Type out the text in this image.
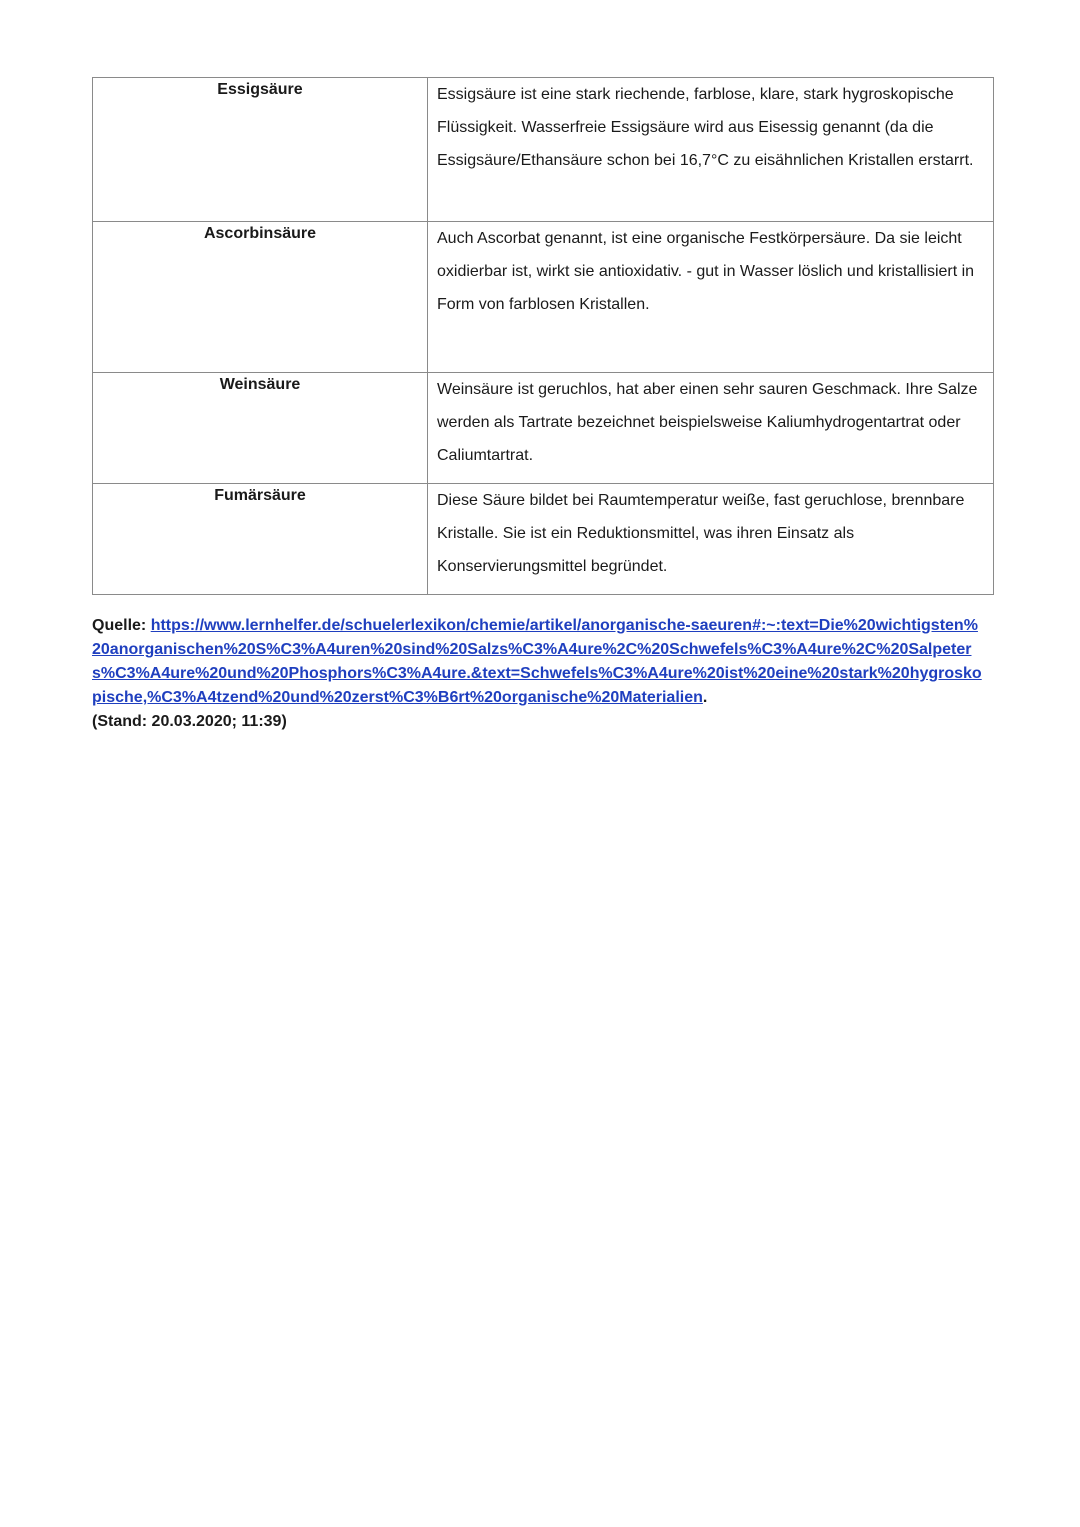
Essigsäure	Essigsäure ist eine stark riechende, farblose, klare, stark hygroskopische Flüssigkeit. Wasserfreie Essigsäure wird aus Eisessig genannt (da die Essigsäure/Ethansäure schon bei 16,7°C zu eisähnlichen Kristallen erstarrt.
Ascorbinsäure	Auch Ascorbat genannt, ist eine organische Festkörpersäure. Da sie leicht oxidierbar ist, wirkt sie antioxidativ. - gut in Wasser löslich und kristallisiert in Form von farblosen Kristallen.
Weinsäure	Weinsäure ist geruchlos, hat aber einen sehr sauren Geschmack. Ihre Salze werden als Tartrate bezeichnet beispielsweise Kaliumhydrogentartrat oder Caliumtartrat.
Fumärsäure	Diese Säure bildet bei Raumtemperatur weiße, fast geruchlose, brennbare Kristalle. Sie ist ein Reduktionsmittel, was ihren Einsatz als Konservierungsmittel begründet.
Quelle: https://www.lernhelfer.de/schuelerlexikon/chemie/artikel/anorganische-saeuren#:~:text=Die%20wichtigsten%20anorganischen%20S%C3%A4uren%20sind%20Salzs%C3%A4ure%2C%20Schwefels%C3%A4ure%2C%20Salpeters%C3%A4ure%20und%20Phosphors%C3%A4ure.&text=Schwefels%C3%A4ure%20ist%20eine%20stark%20hygroskopische,%C3%A4tzend%20und%20zerst%C3%B6rt%20organische%20Materialien.
(Stand: 20.03.2020; 11:39)
